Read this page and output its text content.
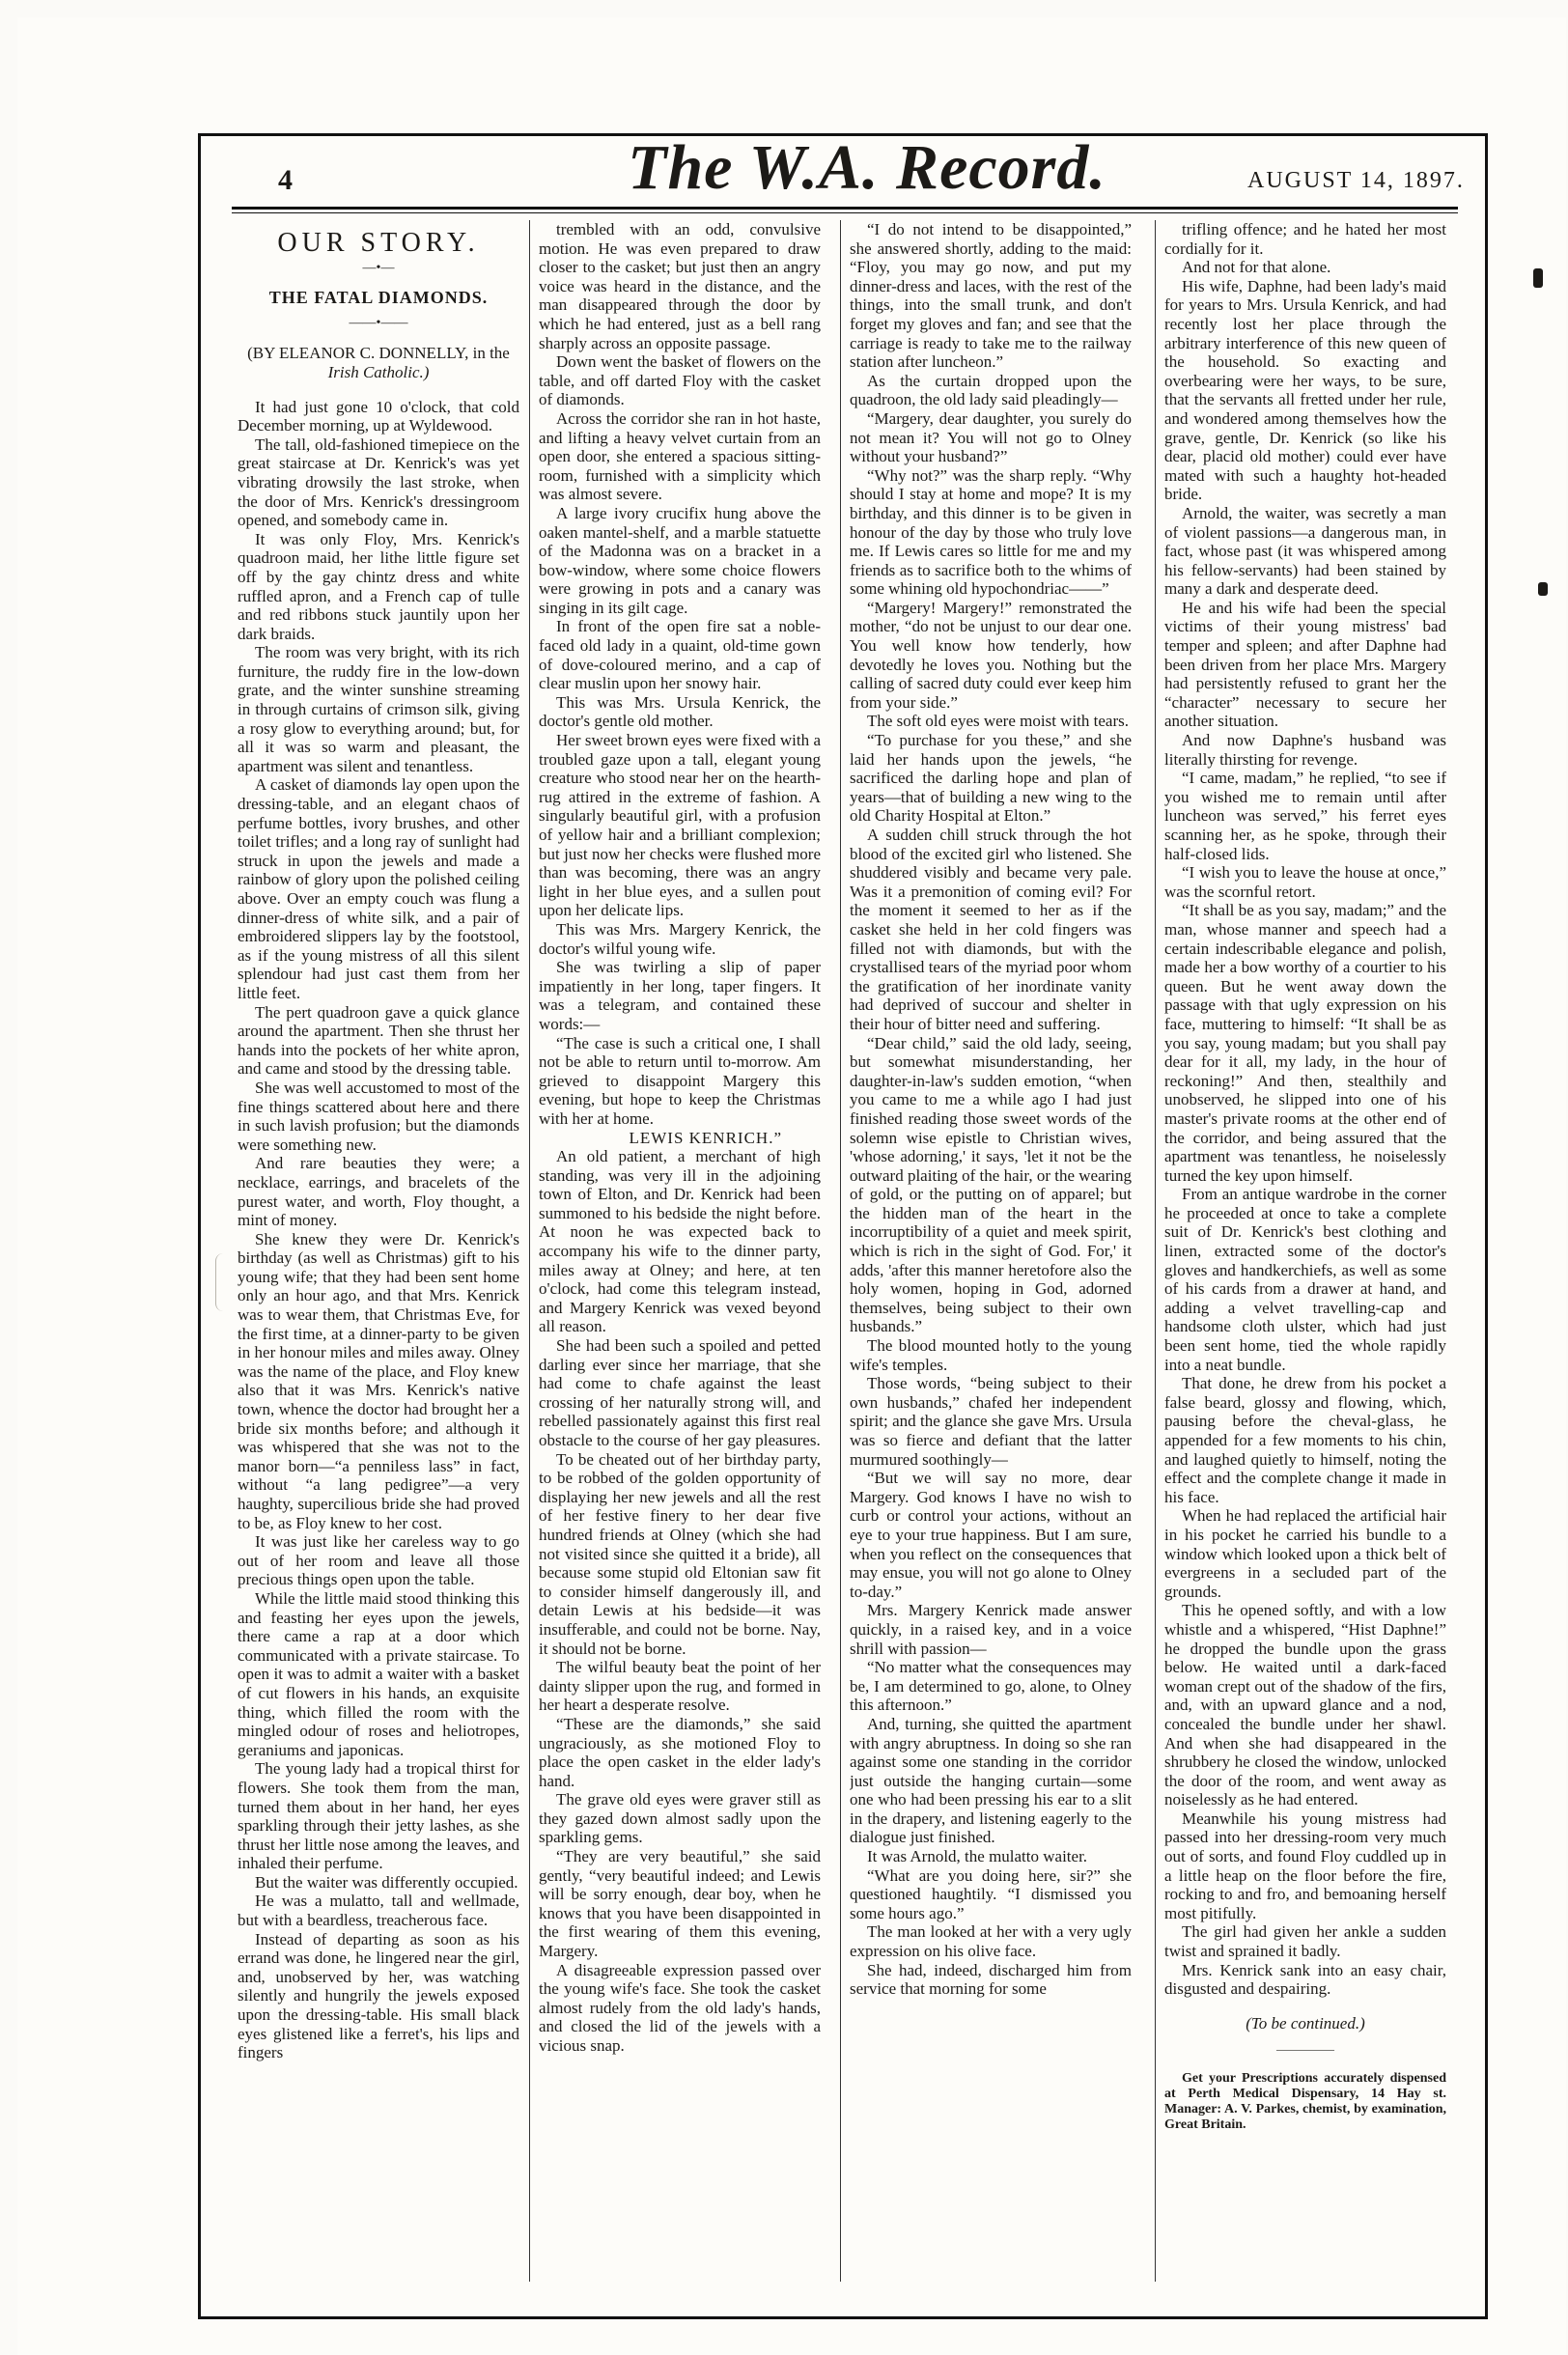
4	The W.A. Record.	AUGUST 14, 1897.
OUR STORY.
—•—
THE FATAL DIAMONDS.
——•——

(BY ELEANOR C. DONNELLY, in the
Irish Catholic.)

It had just gone 10 o'clock, that cold December morning, up at Wyldewood.

The tall, old-fashioned timepiece on the great staircase at Dr. Kenrick's was yet vibrating drowsily the last stroke, when the door of Mrs. Kenrick's dressingroom opened, and somebody came in.

It was only Floy, Mrs. Kenrick's quadroon maid, her lithe little figure set off by the gay chintz dress and white ruffled apron, and a French cap of tulle and red ribbons stuck jauntily upon her dark braids.

The room was very bright, with its rich furniture, the ruddy fire in the low-down grate, and the winter sunshine streaming in through curtains of crimson silk, giving a rosy glow to everything around; but, for all it was so warm and pleasant, the apartment was silent and tenantless.

A casket of diamonds lay open upon the dressing-table, and an elegant chaos of perfume bottles, ivory brushes, and other toilet trifles; and a long ray of sunlight had struck in upon the jewels and made a rainbow of glory upon the polished ceiling above. Over an empty couch was flung a dinner-dress of white silk, and a pair of embroidered slippers lay by the footstool, as if the young mistress of all this silent splendour had just cast them from her little feet.

The pert quadroon gave a quick glance around the apartment. Then she thrust her hands into the pockets of her white apron, and came and stood by the dressing table.

She was well accustomed to most of the fine things scattered about here and there in such lavish profusion; but the diamonds were something new.

And rare beauties they were; a necklace, earrings, and bracelets of the purest water, and worth, Floy thought, a mint of money.

She knew they were Dr. Kenrick's birthday (as well as Christmas) gift to his young wife; that they had been sent home only an hour ago, and that Mrs. Kenrick was to wear them, that Christmas Eve, for the first time, at a dinner-party to be given in her honour miles and miles away. Olney was the name of the place, and Floy knew also that it was Mrs. Kenrick's native town, whence the doctor had brought her a bride six months before; and although it was whispered that she was not to the manor born—“a penniless lass” in fact, without “a lang pedigree”—a very haughty, supercilious bride she had proved to be, as Floy knew to her cost.

It was just like her careless way to go out of her room and leave all those precious things open upon the table.

While the little maid stood thinking this and feasting her eyes upon the jewels, there came a rap at a door which communicated with a private staircase. To open it was to admit a waiter with a basket of cut flowers in his hands, an exquisite thing, which filled the room with the mingled odour of roses and heliotropes, geraniums and japonicas.

The young lady had a tropical thirst for flowers. She took them from the man, turned them about in her hand, her eyes sparkling through their jetty lashes, as she thrust her little nose among the leaves, and inhaled their perfume.

But the waiter was differently occupied.

He was a mulatto, tall and wellmade, but with a beardless, treacherous face.

Instead of departing as soon as his errand was done, he lingered near the girl, and, unobserved by her, was watching silently and hungrily the jewels exposed upon the dressing-table. His small black eyes glistened like a ferret's, his lips and fingers

trembled with an odd, convulsive motion. He was even prepared to draw closer to the casket; but just then an angry voice was heard in the distance, and the man disappeared through the door by which he had entered, just as a bell rang sharply across an opposite passage.

Down went the basket of flowers on the table, and off darted Floy with the casket of diamonds.

Across the corridor she ran in hot haste, and lifting a heavy velvet curtain from an open door, she entered a spacious sitting-room, furnished with a simplicity which was almost severe.

A large ivory crucifix hung above the oaken mantel-shelf, and a marble statuette of the Madonna was on a bracket in a bow-window, where some choice flowers were growing in pots and a canary was singing in its gilt cage.

In front of the open fire sat a noble-faced old lady in a quaint, old-time gown of dove-coloured merino, and a cap of clear muslin upon her snowy hair.

This was Mrs. Ursula Kenrick, the doctor's gentle old mother.

Her sweet brown eyes were fixed with a troubled gaze upon a tall, elegant young creature who stood near her on the hearth-rug attired in the extreme of fashion. A singularly beautiful girl, with a profusion of yellow hair and a brilliant complexion; but just now her checks were flushed more than was becoming, there was an angry light in her blue eyes, and a sullen pout upon her delicate lips.

This was Mrs. Margery Kenrick, the doctor's wilful young wife.

She was twirling a slip of paper impatiently in her long, taper fingers. It was a telegram, and contained these words:—

“The case is such a critical one, I shall not be able to return until to-morrow. Am grieved to disappoint Margery this evening, but hope to keep the Christmas with her at home.

LEWIS KENRICH.”

An old patient, a merchant of high standing, was very ill in the adjoining town of Elton, and Dr. Kenrick had been summoned to his bedside the night before. At noon he was expected back to accompany his wife to the dinner party, miles away at Olney; and here, at ten o'clock, had come this telegram instead, and Margery Kenrick was vexed beyond all reason.

She had been such a spoiled and petted darling ever since her marriage, that she had come to chafe against the least crossing of her naturally strong will, and rebelled passionately against this first real obstacle to the course of her gay pleasures.

To be cheated out of her birthday party, to be robbed of the golden opportunity of displaying her new jewels and all the rest of her festive finery to her dear five hundred friends at Olney (which she had not visited since she quitted it a bride), all because some stupid old Eltonian saw fit to consider himself dangerously ill, and detain Lewis at his bedside—it was insufferable, and could not be borne. Nay, it should not be borne.

The wilful beauty beat the point of her dainty slipper upon the rug, and formed in her heart a desperate resolve.

“These are the diamonds,” she said ungraciously, as she motioned Floy to place the open casket in the elder lady's hand.

The grave old eyes were graver still as they gazed down almost sadly upon the sparkling gems.

“They are very beautiful,” she said gently, “very beautiful indeed; and Lewis will be sorry enough, dear boy, when he knows that you have been disappointed in the first wearing of them this evening, Margery.

A disagreeable expression passed over the young wife's face. She took the casket almost rudely from the old lady's hands, and closed the lid of the jewels with a vicious snap.

“I do not intend to be disappointed,” she answered shortly, adding to the maid: “Floy, you may go now, and put my dinner-dress and laces, with the rest of the things, into the small trunk, and don't forget my gloves and fan; and see that the carriage is ready to take me to the railway station after luncheon.”

As the curtain dropped upon the quadroon, the old lady said pleadingly—

“Margery, dear daughter, you surely do not mean it? You will not go to Olney without your husband?”

“Why not?” was the sharp reply. “Why should I stay at home and mope? It is my birthday, and this dinner is to be given in honour of the day by those who truly love me. If Lewis cares so little for me and my friends as to sacrifice both to the whims of some whining old hypochondriac——”

“Margery! Margery!” remonstrated the mother, “do not be unjust to our dear one. You well know how tenderly, how devotedly he loves you. Nothing but the calling of sacred duty could ever keep him from your side.”

The soft old eyes were moist with tears.

“To purchase for you these,” and she laid her hands upon the jewels, “he sacrificed the darling hope and plan of years—that of building a new wing to the old Charity Hospital at Elton.”

A sudden chill struck through the hot blood of the excited girl who listened. She shuddered visibly and became very pale. Was it a premonition of coming evil? For the moment it seemed to her as if the casket she held in her cold fingers was filled not with diamonds, but with the crystallised tears of the myriad poor whom the gratification of her inordinate vanity had deprived of succour and shelter in their hour of bitter need and suffering.

“Dear child,” said the old lady, seeing, but somewhat misunderstanding, her daughter-in-law's sudden emotion, “when you came to me a while ago I had just finished reading those sweet words of the solemn wise epistle to Christian wives, 'whose adorning,' it says, 'let it not be the outward plaiting of the hair, or the wearing of gold, or the putting on of apparel; but the hidden man of the heart in the incorruptibility of a quiet and meek spirit, which is rich in the sight of God. For,' it adds, 'after this manner heretofore also the holy women, hoping in God, adorned themselves, being subject to their own husbands.”

The blood mounted hotly to the young wife's temples.

Those words, “being subject to their own husbands,” chafed her independent spirit; and the glance she gave Mrs. Ursula was so fierce and defiant that the latter murmured soothingly—

“But we will say no more, dear Margery. God knows I have no wish to curb or control your actions, without an eye to your true happiness. But I am sure, when you reflect on the consequences that may ensue, you will not go alone to Olney to-day.”

Mrs. Margery Kenrick made answer quickly, in a raised key, and in a voice shrill with passion—

“No matter what the consequences may be, I am determined to go, alone, to Olney this afternoon.”

And, turning, she quitted the apartment with angry abruptness. In doing so she ran against some one standing in the corridor just outside the hanging curtain—some one who had been pressing his ear to a slit in the drapery, and listening eagerly to the dialogue just finished.

It was Arnold, the mulatto waiter.

“What are you doing here, sir?” she questioned haughtily. “I dismissed you some hours ago.”

The man looked at her with a very ugly expression on his olive face.

She had, indeed, discharged him from service that morning for some

trifling offence; and he hated her most cordially for it.

And not for that alone.

His wife, Daphne, had been lady's maid for years to Mrs. Ursula Kenrick, and had recently lost her place through the arbitrary interference of this new queen of the household. So exacting and overbearing were her ways, to be sure, that the servants all fretted under her rule, and wondered among themselves how the grave, gentle, Dr. Kenrick (so like his dear, placid old mother) could ever have mated with such a haughty hot-headed bride.

Arnold, the waiter, was secretly a man of violent passions—a dangerous man, in fact, whose past (it was whispered among his fellow-servants) had been stained by many a dark and desperate deed.

He and his wife had been the special victims of their young mistress' bad temper and spleen; and after Daphne had been driven from her place Mrs. Margery had persistently refused to grant her the “character” necessary to secure her another situation.

And now Daphne's husband was literally thirsting for revenge.

“I came, madam,” he replied, “to see if you wished me to remain until after luncheon was served,” his ferret eyes scanning her, as he spoke, through their half-closed lids.

“I wish you to leave the house at once,” was the scornful retort.

“It shall be as you say, madam;” and the man, whose manner and speech had a certain indescribable elegance and polish, made her a bow worthy of a courtier to his queen. But he went away down the passage with that ugly expression on his face, muttering to himself: “It shall be as you say, young madam; but you shall pay dear for it all, my lady, in the hour of reckoning!” And then, stealthily and unobserved, he slipped into one of his master's private rooms at the other end of the corridor, and being assured that the apartment was tenantless, he noiselessly turned the key upon himself.

From an antique wardrobe in the corner he proceeded at once to take a complete suit of Dr. Kenrick's best clothing and linen, extracted some of the doctor's gloves and handkerchiefs, as well as some of his cards from a drawer at hand, and adding a velvet travelling-cap and handsome cloth ulster, which had just been sent home, tied the whole rapidly into a neat bundle.

That done, he drew from his pocket a false beard, glossy and flowing, which, pausing before the cheval-glass, he appended for a few moments to his chin, and laughed quietly to himself, noting the effect and the complete change it made in his face.

When he had replaced the artificial hair in his pocket he carried his bundle to a window which looked upon a thick belt of evergreens in a secluded part of the grounds.

This he opened softly, and with a low whistle and a whispered, “Hist Daphne!” he dropped the bundle upon the grass below. He waited until a dark-faced woman crept out of the shadow of the firs, and, with an upward glance and a nod, concealed the bundle under her shawl. And when she had disappeared in the shrubbery he closed the window, unlocked the door of the room, and went away as noiselessly as he had entered.

Meanwhile his young mistress had passed into her dressing-room very much out of sorts, and found Floy cuddled up in a little heap on the floor before the fire, rocking to and fro, and bemoaning herself most pitifully.

The girl had given her ankle a sudden twist and sprained it badly.

Mrs. Kenrick sank into an easy chair, disgusted and despairing.

(To be continued.)

—————

Get your Prescriptions accurately dispensed at Perth Medical Dispensary, 14 Hay st. Manager: A. V. Parkes, chemist, by examination, Great Britain.
